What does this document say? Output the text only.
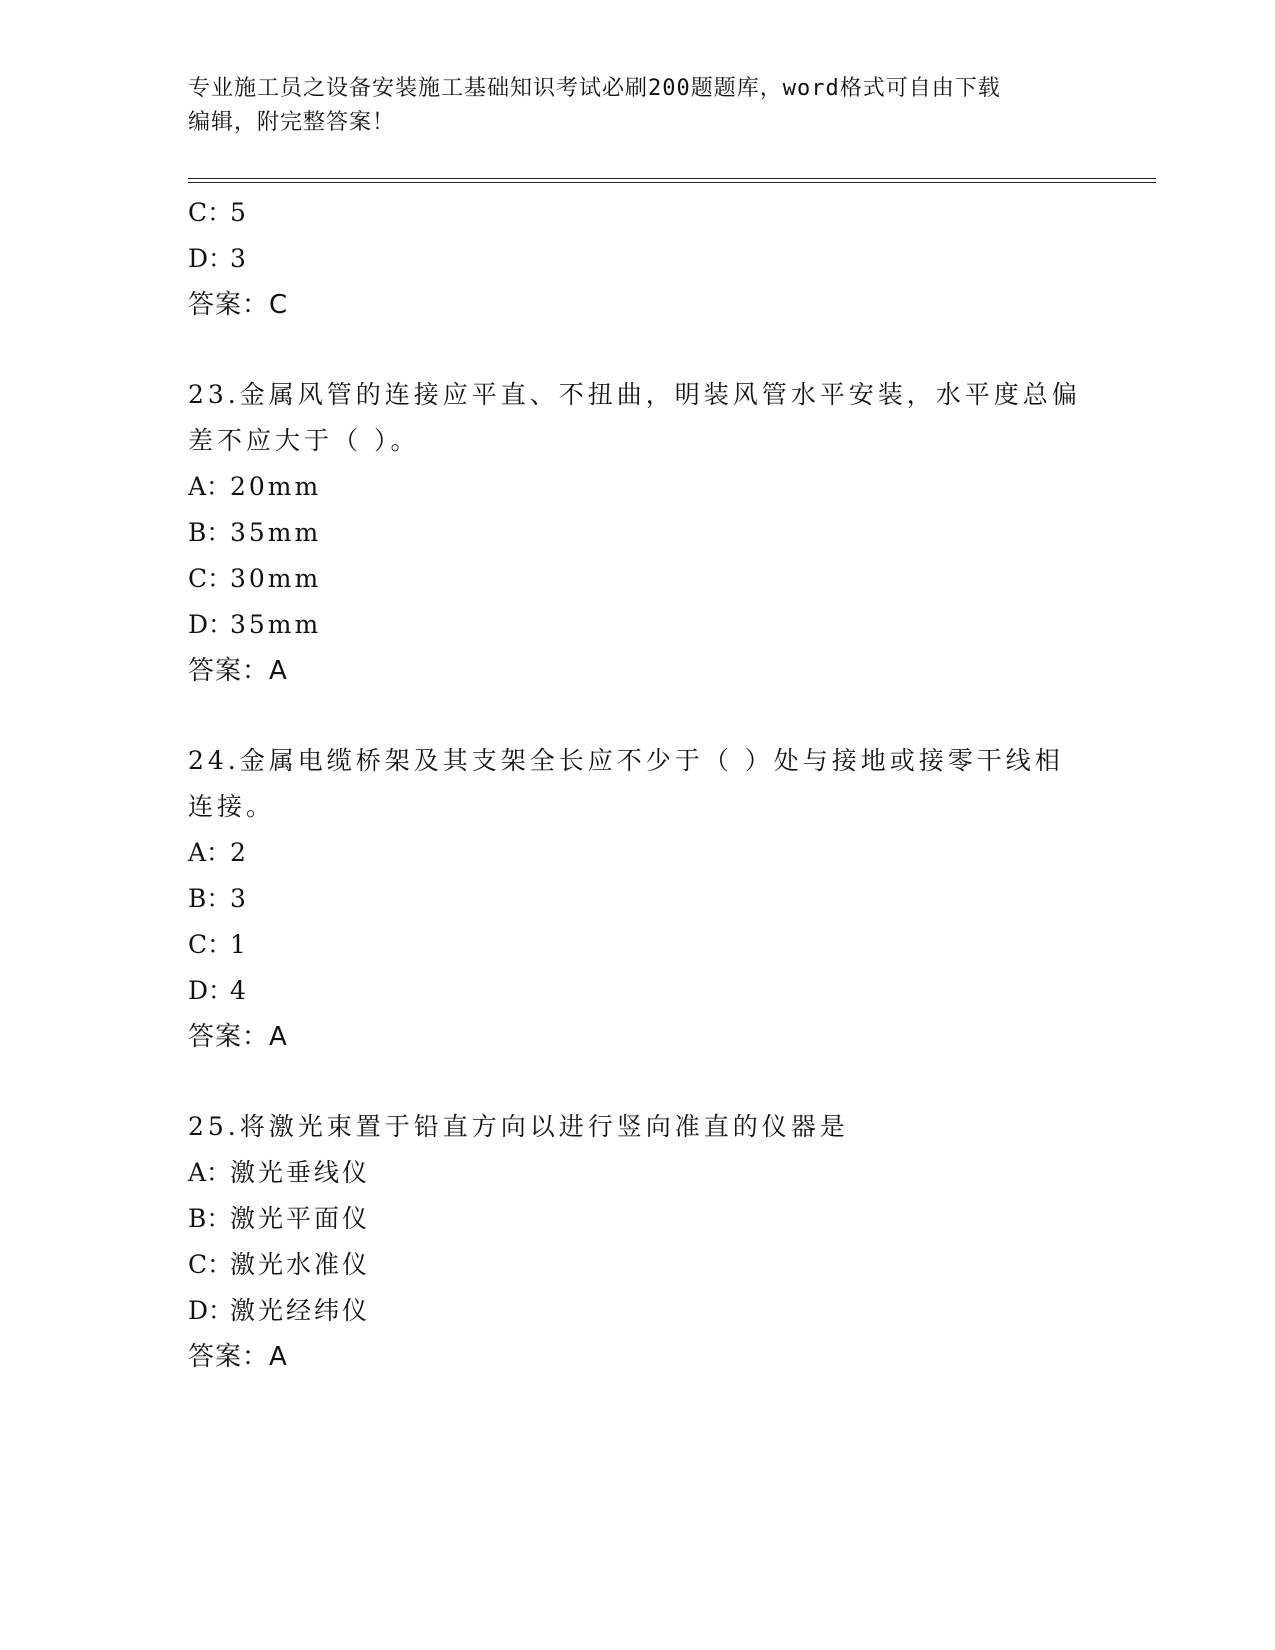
专业施工员之设备安装施工基础知识考试必刷200题题库，word格式可自由下载
编辑，附完整答案！
C：5
D：3
答案：C
23.金属风管的连接应平直、不扭曲，明装风管水平安装，水平度总偏
差不应大于（ ）。
A：20mm
B：35mm
C：30mm
D：35mm
答案：A
24.金属电缆桥架及其支架全长应不少于（ ）处与接地或接零干线相
连接。
A：2
B：3
C：1
D：4
答案：A
25.将激光束置于铅直方向以进行竖向准直的仪器是
A：激光垂线仪
B：激光平面仪
C：激光水准仪
D：激光经纬仪
答案：A
